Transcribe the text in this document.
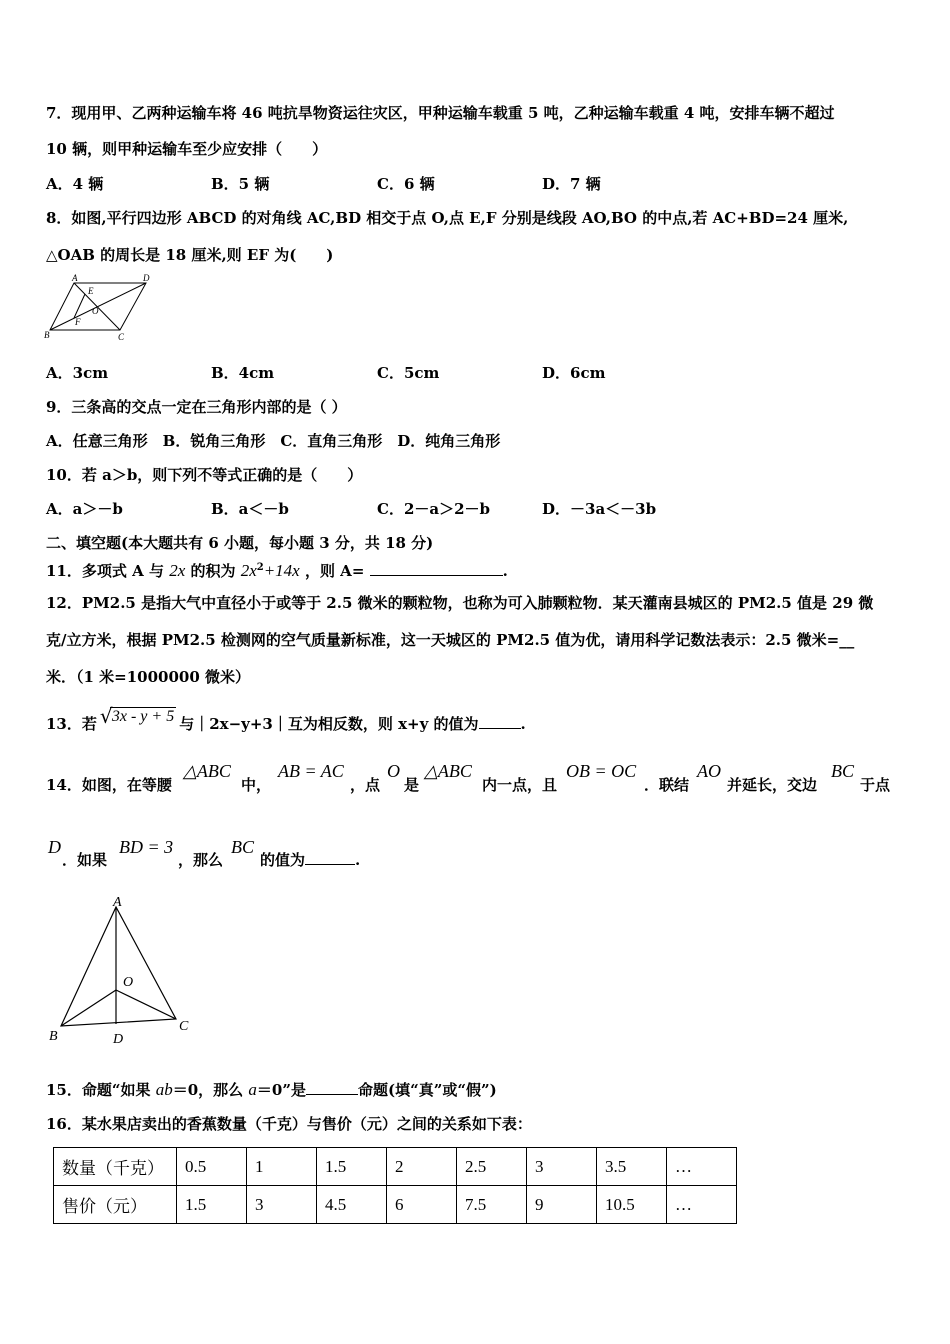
7．现用甲、乙两种运输车将 46 吨抗旱物资运往灾区，甲种运输车载重 5 吨，乙种运输车载重 4 吨，安排车辆不超过
10 辆，则甲种运输车至少应安排（　　）
A．4 辆	B．5 辆	C．6 辆	D．7 辆
8．如图,平行四边形 ABCD 的对角线 AC,BD 相交于点 O,点 E,F 分别是线段 AO,BO 的中点,若 AC+BD=24 厘米,
△OAB 的周长是 18 厘米,则 EF 为(　　)
A	D
E
O
F
B	C
A．3cm	B．4cm	C．5cm	D．6cm
9．三条高的交点一定在三角形内部的是（ ）
A．任意三角形　B．锐角三角形　C．直角三角形　D．纯角三角形
10．若 a＞b，则下列不等式正确的是（　　）
A．a＞－b	B．a＜－b	C．2－a＞2－b	D．－3a＜－3b
二、填空题(本大题共有 6 小题，每小题 3 分，共 18 分)
11．多项式 A 与 2x 的积为 $2x^2+14x$ ，则 A=	.
12．PM2.5 是指大气中直径小于或等于 2.5 微米的颗粒物，也称为可入肺颗粒物．某天灌南县城区的 PM2.5 值是 29 微
克/立方米，根据 PM2.5 检测网的空气质量新标准，这一天城区的 PM2.5 值为优，请用科学记数法表示：2.5 微米=__
米．（1 米=1000000 微米）
13．若 √ 3x - y + 5 与｜2x−y+3｜互为相反数，则 x+y 的值为	.
14．如图，在等腰
△ABC
中，
AB = AC
，点
O
是
△ABC
内一点，且
OB = OC
．联结
AO
并延长，交边
BC
于点
D
．如果
BD = 3
，那么
BC
的值为	.
A
O
B	D
C
15．命题“如果 ab＝0，那么 a＝0”是	命题(填“真”或“假”)
16．某水果店卖出的香蕉数量（千克）与售价（元）之间的关系如下表：
数量（千克）	0.5	1	1.5	2	2.5	3	3.5	…
售价（元）	1.5	3	4.5	6	7.5	9	10.5	…
